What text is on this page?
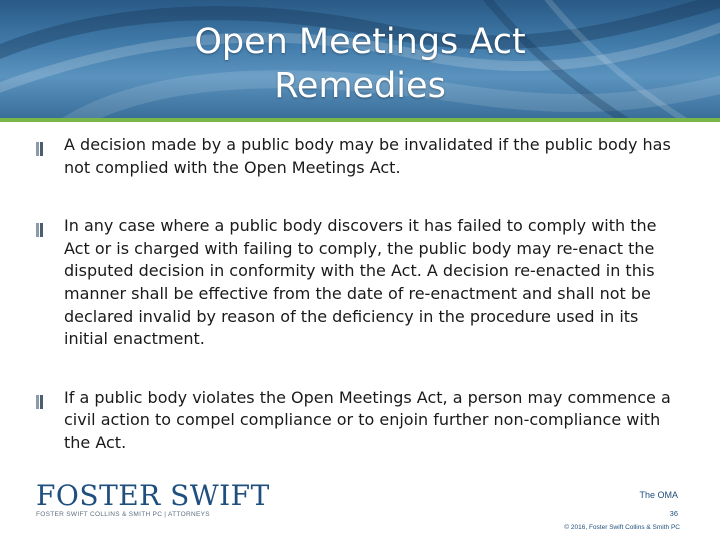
Open Meetings Act Remedies
A decision made by a public body may be invalidated if the public body has not complied with the Open Meetings Act.
In any case where a public body discovers it has failed to comply with the Act or is charged with failing to comply, the public body may re-enact the disputed decision in conformity with the Act. A decision re-enacted in this manner shall be effective from the date of re-enactment and shall not be declared invalid by reason of the deficiency in the procedure used in its initial enactment.
If a public body violates the Open Meetings Act, a person may commence a civil action to compel compliance or to enjoin further non-compliance with the Act.
FOSTER SWIFT
FOSTER SWIFT COLLINS & SMITH PC | ATTORNEYS
The OMA
36
© 2016, Foster Swift Collins & Smith PC
